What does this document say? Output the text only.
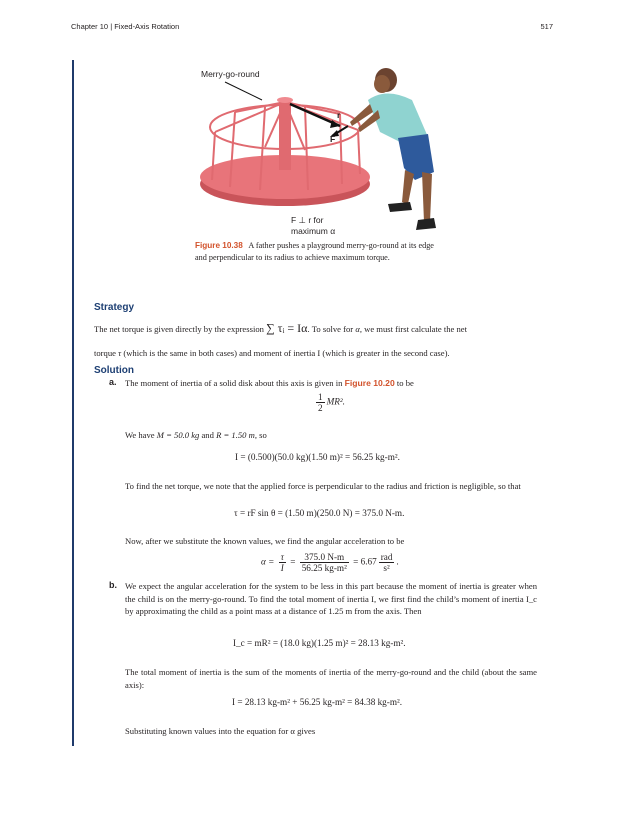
Chapter 10 | Fixed-Axis Rotation	517
Merry-go-round
r
F
F ⊥ r for
maximum α
Figure 10.38 A father pushes a playground merry-go-round at its edge and perpendicular to its radius to achieve maximum torque.
Strategy
The net torque is given directly by the expression ∑ τᵢ = Iα. To solve for α, we must first calculate the net
torque τ (which is the same in both cases) and moment of inertia I (which is greater in the second case).
Solution
a. The moment of inertia of a solid disk about this axis is given in Figure 10.20 to be
$\frac{1}{2} MR^2$.
We have M = 50.0 kg and R = 1.50 m, so
I = (0.500)(50.0 kg)(1.50 m)² = 56.25 kg-m².
To find the net torque, we note that the applied force is perpendicular to the radius and friction is negligible, so that
τ = rF sin θ = (1.50 m)(250.0 N) = 375.0 N-m.
Now, after we substitute the known values, we find the angular acceleration to be
$\alpha = \frac{\tau}{I} = \frac{375.0 N-m}{\text{56.25 kg-m²}} = 6.67 \frac{\text{rad}}{\text{s²}}$ .
b. We expect the angular acceleration for the system to be less in this part because the moment of inertia is greater when the child is on the merry-go-round. To find the total moment of inertia I, we first find the child’s moment of inertia I_c by approximating the child as a point mass at a distance of 1.25 m from the axis. Then
I_c = mR² = (18.0 kg)(1.25 m)² = 28.13 kg-m².
The total moment of inertia is the sum of the moments of inertia of the merry-go-round and the child (about the same axis):
I = 28.13 kg-m² + 56.25 kg-m² = 84.38 kg-m².
Substituting known values into the equation for α gives
